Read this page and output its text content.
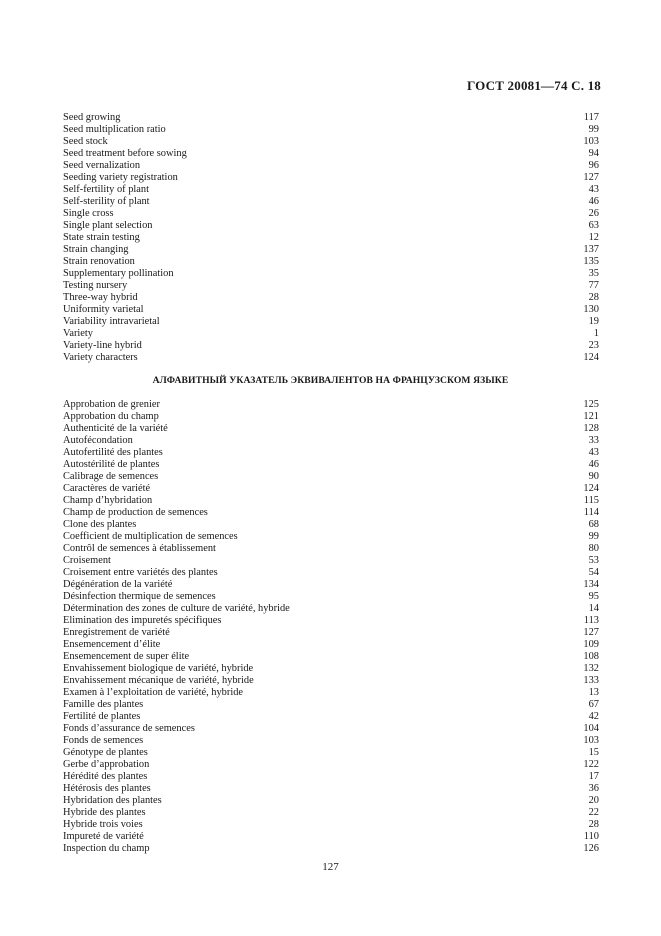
ГОСТ 20081—74 С. 18
Seed growing	117
Seed multiplication ratio	99
Seed stock	103
Seed treatment before sowing	94
Seed vernalization	96
Seeding variety registration	127
Self-fertility of plant	43
Self-sterility of plant	46
Single cross	26
Single plant selection	63
State strain testing	12
Strain changing	137
Strain renovation	135
Supplementary pollination	35
Testing nursery	77
Three-way hybrid	28
Uniformity varietal	130
Variability intravarietal	19
Variety	1
Variety-line hybrid	23
Variety characters	124
АЛФАВИТНЫЙ УКАЗАТЕЛЬ ЭКВИВАЛЕНТОВ НА ФРАНЦУЗСКОМ ЯЗЫКЕ
Approbation de grenier	125
Approbation du champ	121
Authenticité de la variété	128
Autofécondation	33
Autofertilité des plantes	43
Autostérilité de plantes	46
Calibrage de semences	90
Caractères de variété	124
Champ d’hybridation	115
Champ de production de semences	114
Clone des plantes	68
Coefficient de multiplication de semences	99
Contrôl de semences à établissement	80
Croisement	53
Croisement entre variétés des plantes	54
Dégénération de la variété	134
Désinfection thermique de semences	95
Détermination des zones de culture de variété, hybride	14
Elimination des impuretés spécifiques	113
Enregistrement de variété	127
Ensemencement d’élite	109
Ensemencement de super élite	108
Envahissement biologique de variété, hybride	132
Envahissement mécanique de variété, hybride	133
Examen à l’exploitation de variété, hybride	13
Famille des plantes	67
Fertilité de plantes	42
Fonds d’assurance de semences	104
Fonds de semences	103
Génotype de plantes	15
Gerbe d’approbation	122
Hérédité des plantes	17
Hétérosis des plantes	36
Hybridation des plantes	20
Hybride des plantes	22
Hybride trois voies	28
Impureté de variété	110
Inspection du champ	126
127
